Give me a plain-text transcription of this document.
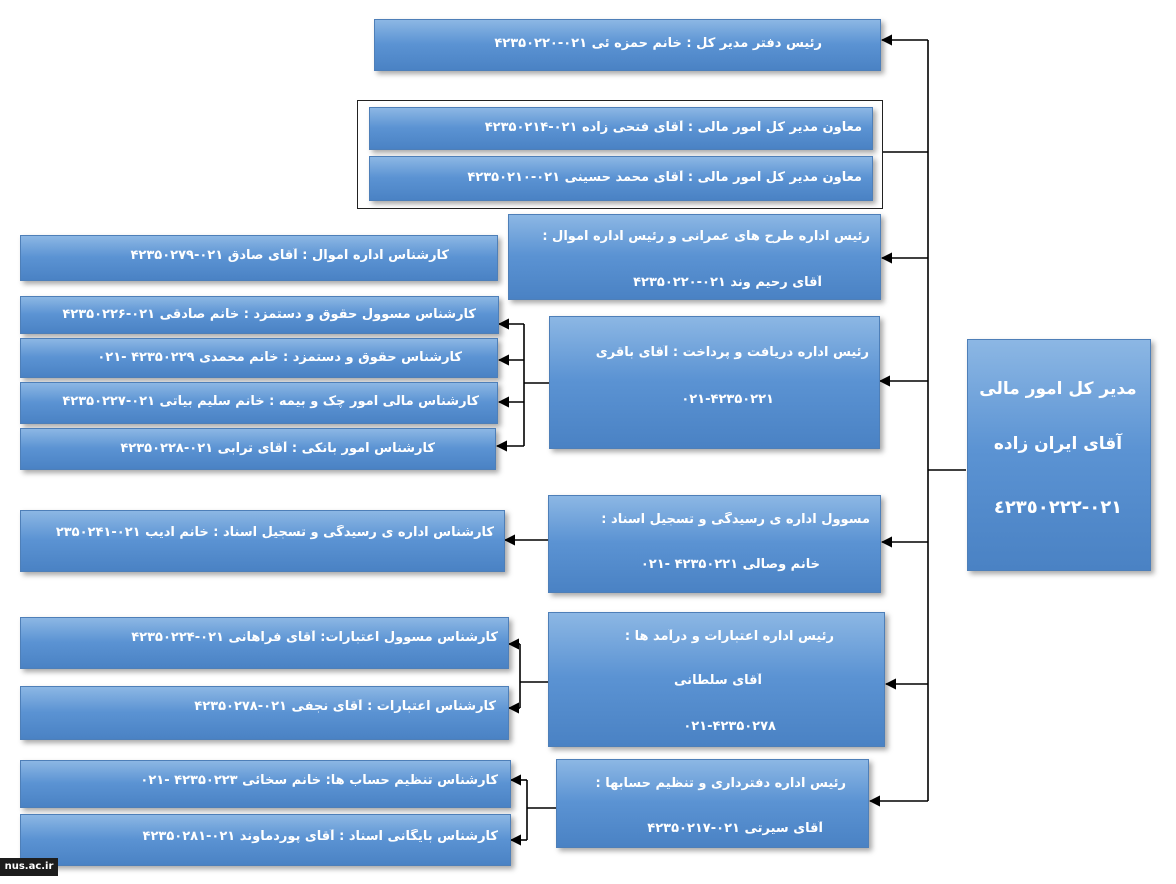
مدیر کل امور مالی
آقای ایران زاده
٠٢١-٤٢٣٥٠٢٢٢
رئیس دفتر مدیر کل : خانم حمزه ئی ۰۲۱-۴۲۳۵۰۲۲۰
معاون مدیر کل امور مالی : آقای فتحی زاده ۰۲۱-۴۲۳۵۰۲۱۴
معاون مدیر کل امور مالی : آقای محمد حسینی ۰۲۱-۴۲۳۵۰۲۱۰
رئیس اداره طرح های عمرانی و رئیس اداره اموال :
آقای رحیم وند ۰۲۱-۴۲۳۵۰۲۲۰
رئیس اداره دریافت و پرداخت : آقای باقری
۰۲۱-۴۲۳۵۰۲۲۱
مسوول اداره ی رسیدگی و تسجیل اسناد :
خانم وصالی ۴۲۳۵۰۲۲۱ -۰۲۱
رئیس اداره اعتبارات و درآمد ها :
آقای سلطانی
۰۲۱-۴۲۳۵۰۲۷۸
رئیس اداره دفترداری و تنظیم حسابها :
آقای سیرتی ۰۲۱-۴۲۳۵۰۲۱۷
کارشناس اداره اموال : آقای صادق ۰۲۱-۴۲۳۵۰۲۷۹
کارشناس مسوول حقوق و دستمزد : خانم صادقی ۰۲۱-۴۲۳۵۰۲۲۶
کارشناس حقوق و دستمزد : خانم محمدی ۴۲۳۵۰۲۲۹ -۰۲۱
کارشناس مالی امور چک و بیمه : خانم سلیم بیاتی ۰۲۱-۴۲۳۵۰۲۲۷
کارشناس امور بانکی : آقای ترابی ۰۲۱-۴۲۳۵۰۲۲۸
کارشناس اداره ی رسیدگی و تسجیل اسناد : خانم ادیب ۰۲۱-۲۳۵۰۲۴۱
کارشناس مسوول اعتبارات: آقای فراهانی ۰۲۱-۴۲۳۵۰۲۲۴
کارشناس اعتبارات : آقای نجفی ۰۲۱-۴۲۳۵۰۲۷۸
کارشناس تنظیم حساب ها: خانم سخائی ۴۲۳۵۰۲۲۳ -۰۲۱
کارشناس بایگانی اسناد : آقای پوردماوند ۰۲۱-۴۲۳۵۰۲۸۱
nus.ac.ir
